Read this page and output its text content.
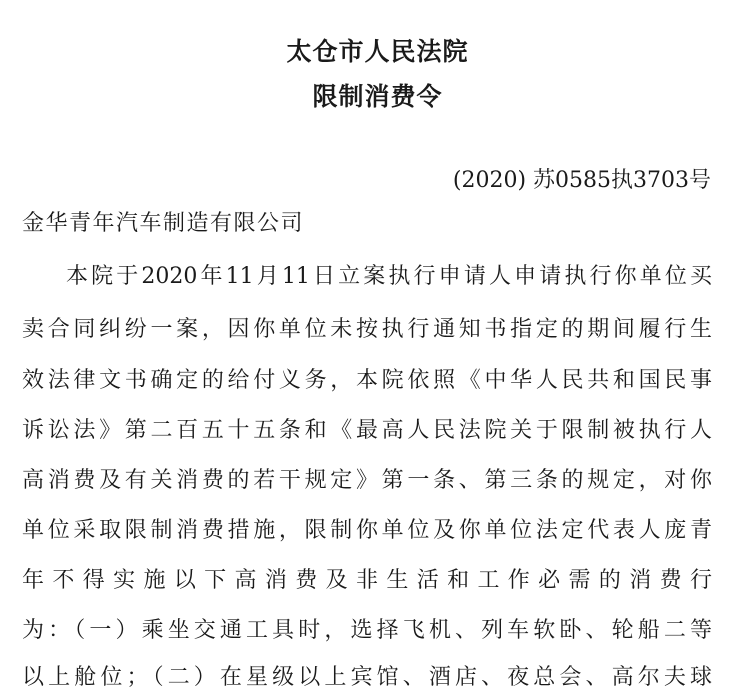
太仓市人民法院
限制消费令
(2020) 苏0585执3703号
金华青年汽车制造有限公司
本院于2020年11月11日立案执行申请人申请执行你单位买
卖合同纠纷一案，因你单位未按执行通知书指定的期间履行生
效法律文书确定的给付义务，本院依照《中华人民共和国民事
诉讼法》第二百五十五条和《最高人民法院关于限制被执行人
高消费及有关消费的若干规定》第一条、第三条的规定，对你
单位采取限制消费措施，限制你单位及你单位法定代表人庞青
年不得实施以下高消费及非生活和工作必需的消费行
为：（一）乘坐交通工具时，选择飞机、列车软卧、轮船二等
以上舱位；（二）在星级以上宾馆、酒店、夜总会、高尔夫球
